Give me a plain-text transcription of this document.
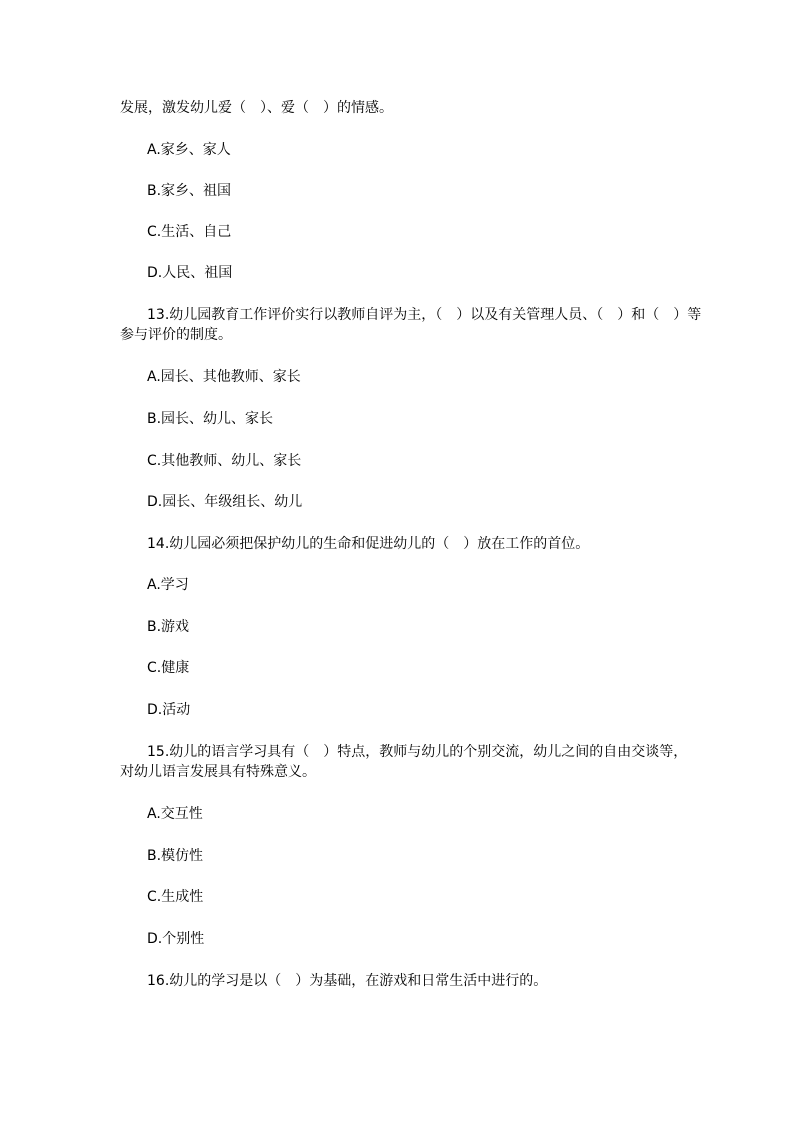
发展，激发幼儿爱（　）、爱（　）的情感。
A.家乡、家人
B.家乡、祖国
C.生活、自己
D.人民、祖国
13.幼儿园教育工作评价实行以教师自评为主，（　）以及有关管理人员、（　）和（　）等
参与评价的制度。
A.园长、其他教师、家长
B.园长、幼儿、家长
C.其他教师、幼儿、家长
D.园长、年级组长、幼儿
14.幼儿园必须把保护幼儿的生命和促进幼儿的（　）放在工作的首位。
A.学习
B.游戏
C.健康
D.活动
15.幼儿的语言学习具有（　）特点，教师与幼儿的个别交流，幼儿之间的自由交谈等，
对幼儿语言发展具有特殊意义。
A.交互性
B.模仿性
C.生成性
D.个别性
16.幼儿的学习是以（　）为基础，在游戏和日常生活中进行的。
